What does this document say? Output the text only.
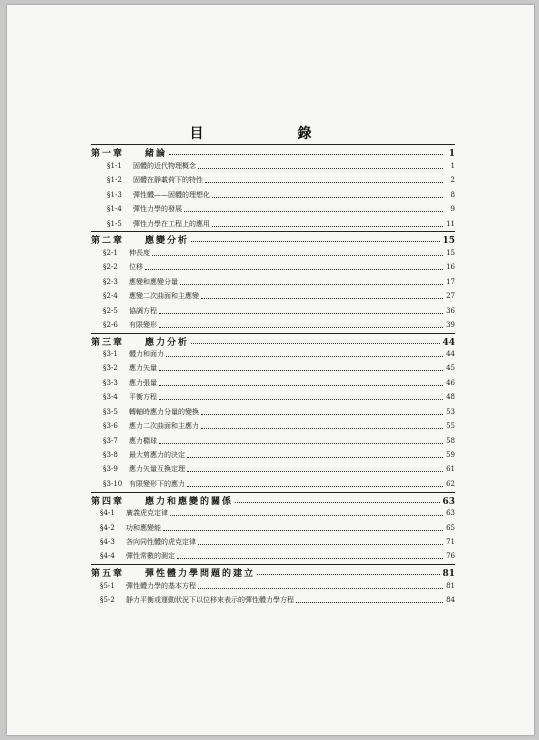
目　錄
第一章	緒論	1
§1-1	固體的近代物理概念	1
§1-2	固體在靜載荷下的特性	2
§1-3	彈性體——固體的理想化	8
§1-4	彈性力學的發展	9
§1-5	彈性力學在工程上的應用	11
第二章	應變分析	15
§2-1	伸長度	15
§2-2	位移	16
§2-3	應變和應變分量	17
§2-4	應變二次曲面和主應變	27
§2-5	協調方程	36
§2-6	有限變形	39
第三章	應力分析	44
§3-1	體力和面力	44
§3-2	應力矢量	45
§3-3	應力張量	46
§3-4	平衡方程	48
§3-5	轉軸時應力分量的變換	53
§3-6	應力二次曲面和主應力	55
§3-7	應力橢球	58
§3-8	最大剪應力的決定	59
§3-9	應力矢量互換定理	61
§3-10 有限變形下的應力	62
第四章	應力和應變的關係	63
§4-1	廣義虎克定律	63
§4-2	功和應變能	65
§4-3	各向同性體的虎克定律	71
§4-4	彈性常數的測定	76
第五章	彈性體力學問題的建立	81
§5-1	彈性體力學的基本方程	81
§5-2	靜力平衡或運動狀況下以位移來表示的彈性體力學方程	84
